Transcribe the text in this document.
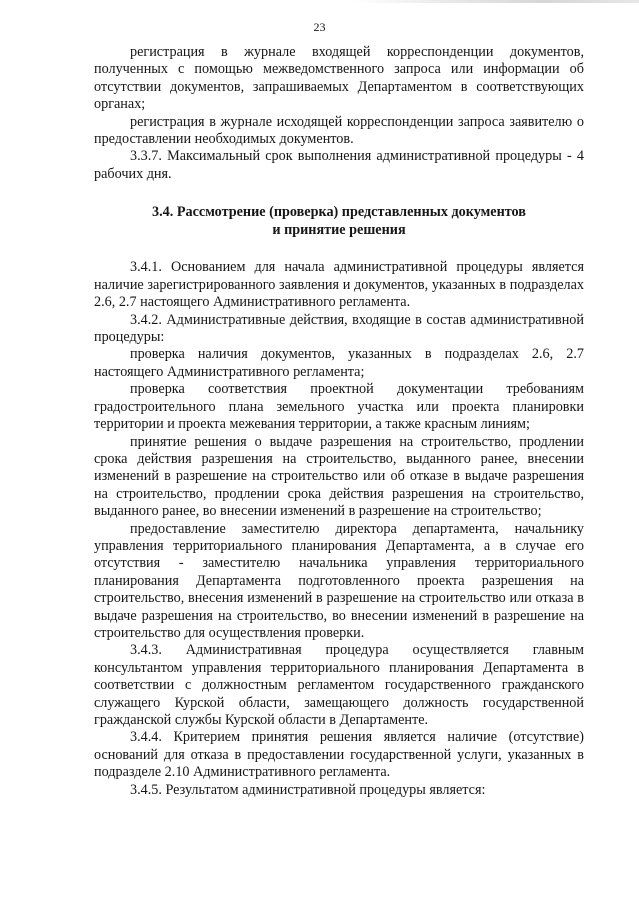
23

регистрация в журнале входящей корреспонденции документов, полученных с помощью межведомственного запроса или информации об отсутствии документов, запрашиваемых Департаментом в соответствующих органах;

регистрация в журнале исходящей корреспонденции запроса заявителю о предоставлении необходимых документов.

3.3.7. Максимальный срок выполнения административной процедуры - 4 рабочих дня.

3.4. Рассмотрение (проверка) представленных документов
и принятие решения

3.4.1. Основанием для начала административной процедуры является наличие зарегистрированного заявления и документов, указанных в подразделах 2.6, 2.7 настоящего Административного регламента.

3.4.2. Административные действия, входящие в состав административной процедуры:

проверка наличия документов, указанных в подразделах 2.6, 2.7 настоящего Административного регламента;

проверка соответствия проектной документации требованиям градостроительного плана земельного участка или проекта планировки территории и проекта межевания территории, а также красным линиям;

принятие решения о выдаче разрешения на строительство, продлении срока действия разрешения на строительство, выданного ранее, внесении изменений в разрешение на строительство или об отказе в выдаче разрешения на строительство, продлении срока действия разрешения на строительство, выданного ранее, во внесении изменений в разрешение на строительство;

предоставление заместителю директора департамента, начальнику управления территориального планирования Департамента, а в случае его отсутствия - заместителю начальника управления территориального планирования Департамента подготовленного проекта разрешения на строительство, внесения изменений в разрешение на строительство или отказа в выдаче разрешения на строительство, во внесении изменений в разрешение на строительство для осуществления проверки.

3.4.3. Административная процедура осуществляется главным консультантом управления территориального планирования Департамента в соответствии с должностным регламентом государственного гражданского служащего Курской области, замещающего должность государственной гражданской службы Курской области в Департаменте.

3.4.4. Критерием принятия решения является наличие (отсутствие) оснований для отказа в предоставлении государственной услуги, указанных в подразделе 2.10 Административного регламента.

3.4.5. Результатом административной процедуры является:
